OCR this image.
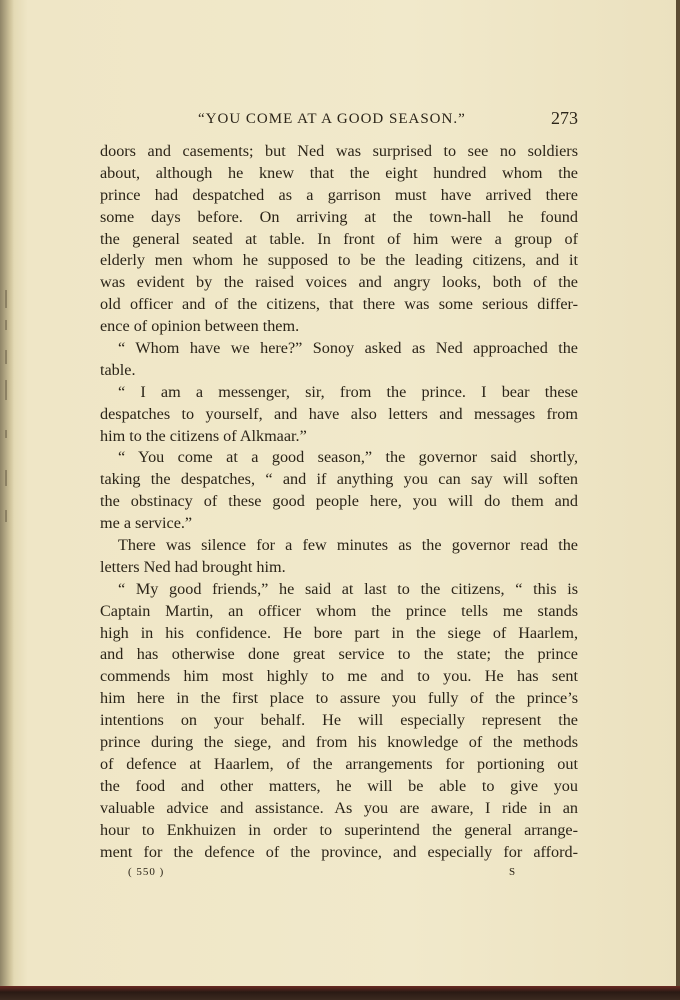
“YOU COME AT A GOOD SEASON.”	273
doors and casements; but Ned was surprised to see no soldiers
about, although he knew that the eight hundred whom the
prince had despatched as a garrison must have arrived there
some days before. On arriving at the town-hall he found
the general seated at table. In front of him were a group of
elderly men whom he supposed to be the leading citizens, and it
was evident by the raised voices and angry looks, both of the
old officer and of the citizens, that there was some serious differ-
ence of opinion between them.
“ Whom have we here?” Sonoy asked as Ned approached the
table.
“ I am a messenger, sir, from the prince. I bear these
despatches to yourself, and have also letters and messages from
him to the citizens of Alkmaar.”
“ You come at a good season,” the governor said shortly,
taking the despatches, “ and if anything you can say will soften
the obstinacy of these good people here, you will do them and
me a service.”
There was silence for a few minutes as the governor read the
letters Ned had brought him.
“ My good friends,” he said at last to the citizens, “ this is
Captain Martin, an officer whom the prince tells me stands
high in his confidence. He bore part in the siege of Haarlem,
and has otherwise done great service to the state; the prince
commends him most highly to me and to you. He has sent
him here in the first place to assure you fully of the prince’s
intentions on your behalf. He will especially represent the
prince during the siege, and from his knowledge of the methods
of defence at Haarlem, of the arrangements for portioning out
the food and other matters, he will be able to give you
valuable advice and assistance. As you are aware, I ride in an
hour to Enkhuizen in order to superintend the general arrange-
ment for the defence of the province, and especially for afford-
( 550 )	S
